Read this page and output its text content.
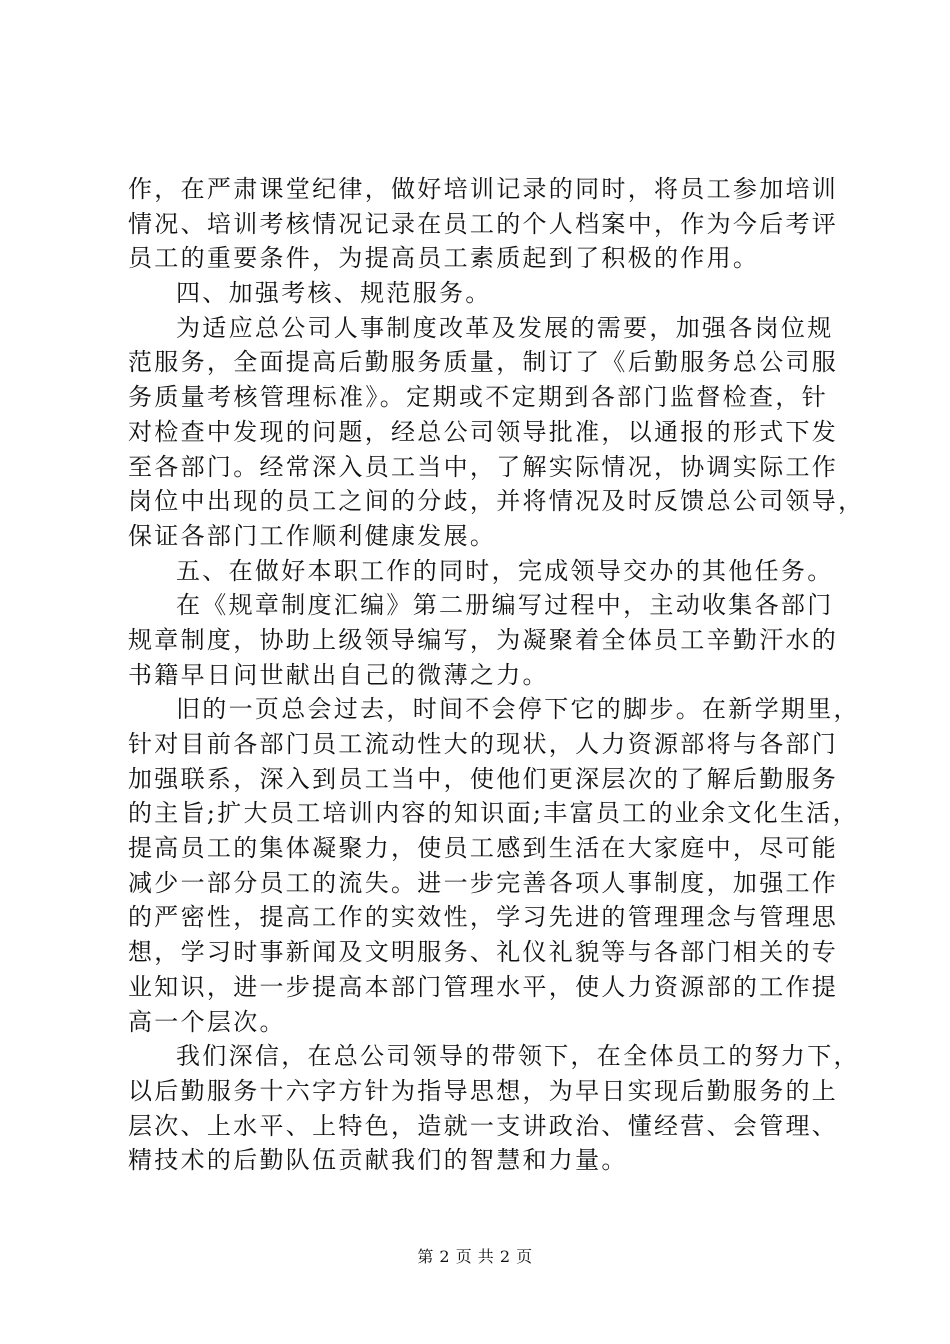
作，在严肃课堂纪律，做好培训记录的同时，将员工参加培训
情况、培训考核情况记录在员工的个人档案中，作为今后考评
员工的重要条件，为提高员工素质起到了积极的作用。
四、加强考核、规范服务。
为适应总公司人事制度改革及发展的需要，加强各岗位规
范服务，全面提高后勤服务质量，制订了《后勤服务总公司服
务质量考核管理标准》。定期或不定期到各部门监督检查，针
对检查中发现的问题，经总公司领导批准，以通报的形式下发
至各部门。经常深入员工当中，了解实际情况，协调实际工作
岗位中出现的员工之间的分歧，并将情况及时反馈总公司领导，
保证各部门工作顺利健康发展。
五、在做好本职工作的同时，完成领导交办的其他任务。
在《规章制度汇编》第二册编写过程中，主动收集各部门
规章制度，协助上级领导编写，为凝聚着全体员工辛勤汗水的
书籍早日问世献出自己的微薄之力。
旧的一页总会过去，时间不会停下它的脚步。在新学期里，
针对目前各部门员工流动性大的现状，人力资源部将与各部门
加强联系，深入到员工当中，使他们更深层次的了解后勤服务
的主旨;扩大员工培训内容的知识面;丰富员工的业余文化生活，
提高员工的集体凝聚力，使员工感到生活在大家庭中，尽可能
减少一部分员工的流失。进一步完善各项人事制度，加强工作
的严密性，提高工作的实效性，学习先进的管理理念与管理思
想，学习时事新闻及文明服务、礼仪礼貌等与各部门相关的专
业知识，进一步提高本部门管理水平，使人力资源部的工作提
高一个层次。
我们深信，在总公司领导的带领下，在全体员工的努力下，
以后勤服务十六字方针为指导思想，为早日实现后勤服务的上
层次、上水平、上特色，造就一支讲政治、懂经营、会管理、
精技术的后勤队伍贡献我们的智慧和力量。
第 2 页 共 2 页
